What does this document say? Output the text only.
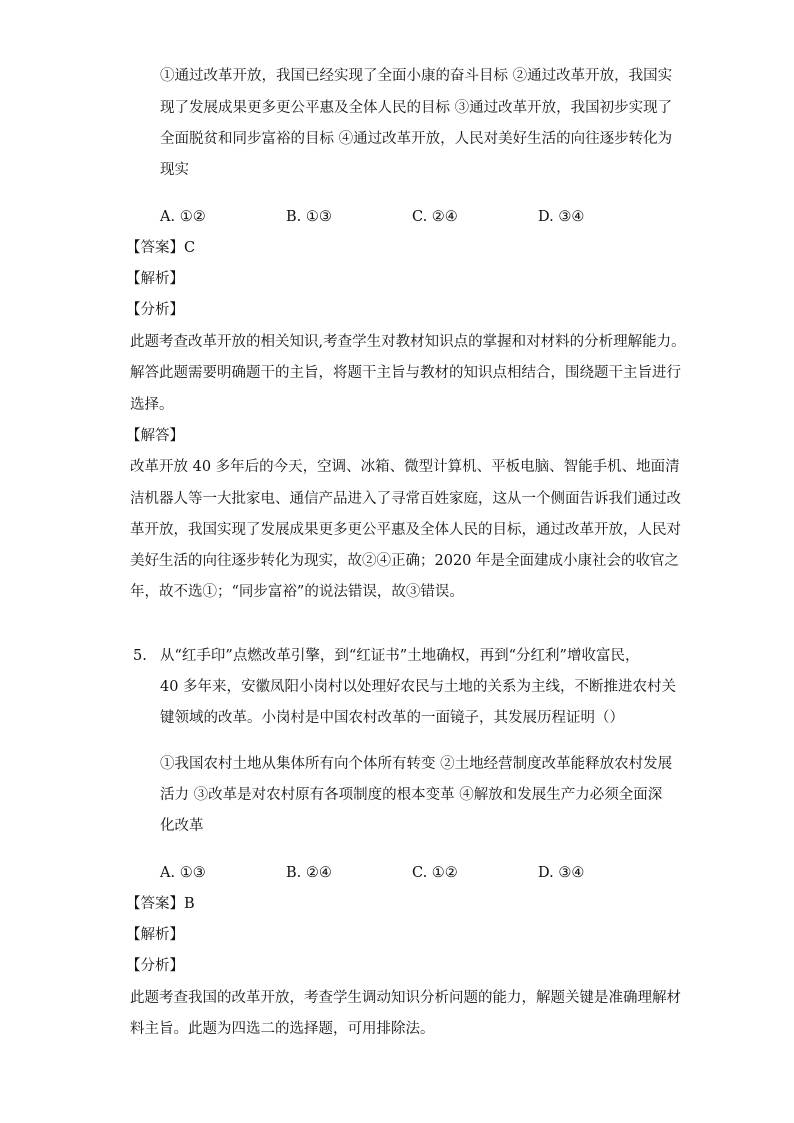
①通过改革开放，我国已经实现了全面小康的奋斗目标 ②通过改革开放，我国实
现了发展成果更多更公平惠及全体人民的目标 ③通过改革开放，我国初步实现了
全面脱贫和同步富裕的目标 ④通过改革开放，人民对美好生活的向往逐步转化为
现实
A. ①②	B. ①③	C. ②④	D. ③④
【答案】C
【解析】
【分析】
此题考查改革开放的相关知识,考查学生对教材知识点的掌握和对材料的分析理解能力。
解答此题需要明确题干的主旨，将题干主旨与教材的知识点相结合，围绕题干主旨进行
选择。
【解答】
改革开放 40 多年后的今天，空调、冰箱、微型计算机、平板电脑、智能手机、地面清
洁机器人等一大批家电、通信产品进入了寻常百姓家庭，这从一个侧面告诉我们通过改
革开放，我国实现了发展成果更多更公平惠及全体人民的目标，通过改革开放，人民对
美好生活的向往逐步转化为现实，故②④正确；2020 年是全面建成小康社会的收官之
年，故不选①；“同步富裕”的说法错误，故③错误。
5. 从“红手印”点燃改革引擎，到“红证书”土地确权，再到“分红利”增收富民，
40 多年来，安徽凤阳小岗村以处理好农民与土地的关系为主线，不断推进农村关
键领域的改革。小岗村是中国农村改革的一面镜子，其发展历程证明（）
①我国农村土地从集体所有向个体所有转变 ②土地经营制度改革能释放农村发展
活力 ③改革是对农村原有各项制度的根本变革 ④解放和发展生产力必须全面深
化改革
A. ①③	B. ②④	C. ①②	D. ③④
【答案】B
【解析】
【分析】
此题考查我国的改革开放，考查学生调动知识分析问题的能力，解题关键是准确理解材
料主旨。此题为四选二的选择题，可用排除法。
